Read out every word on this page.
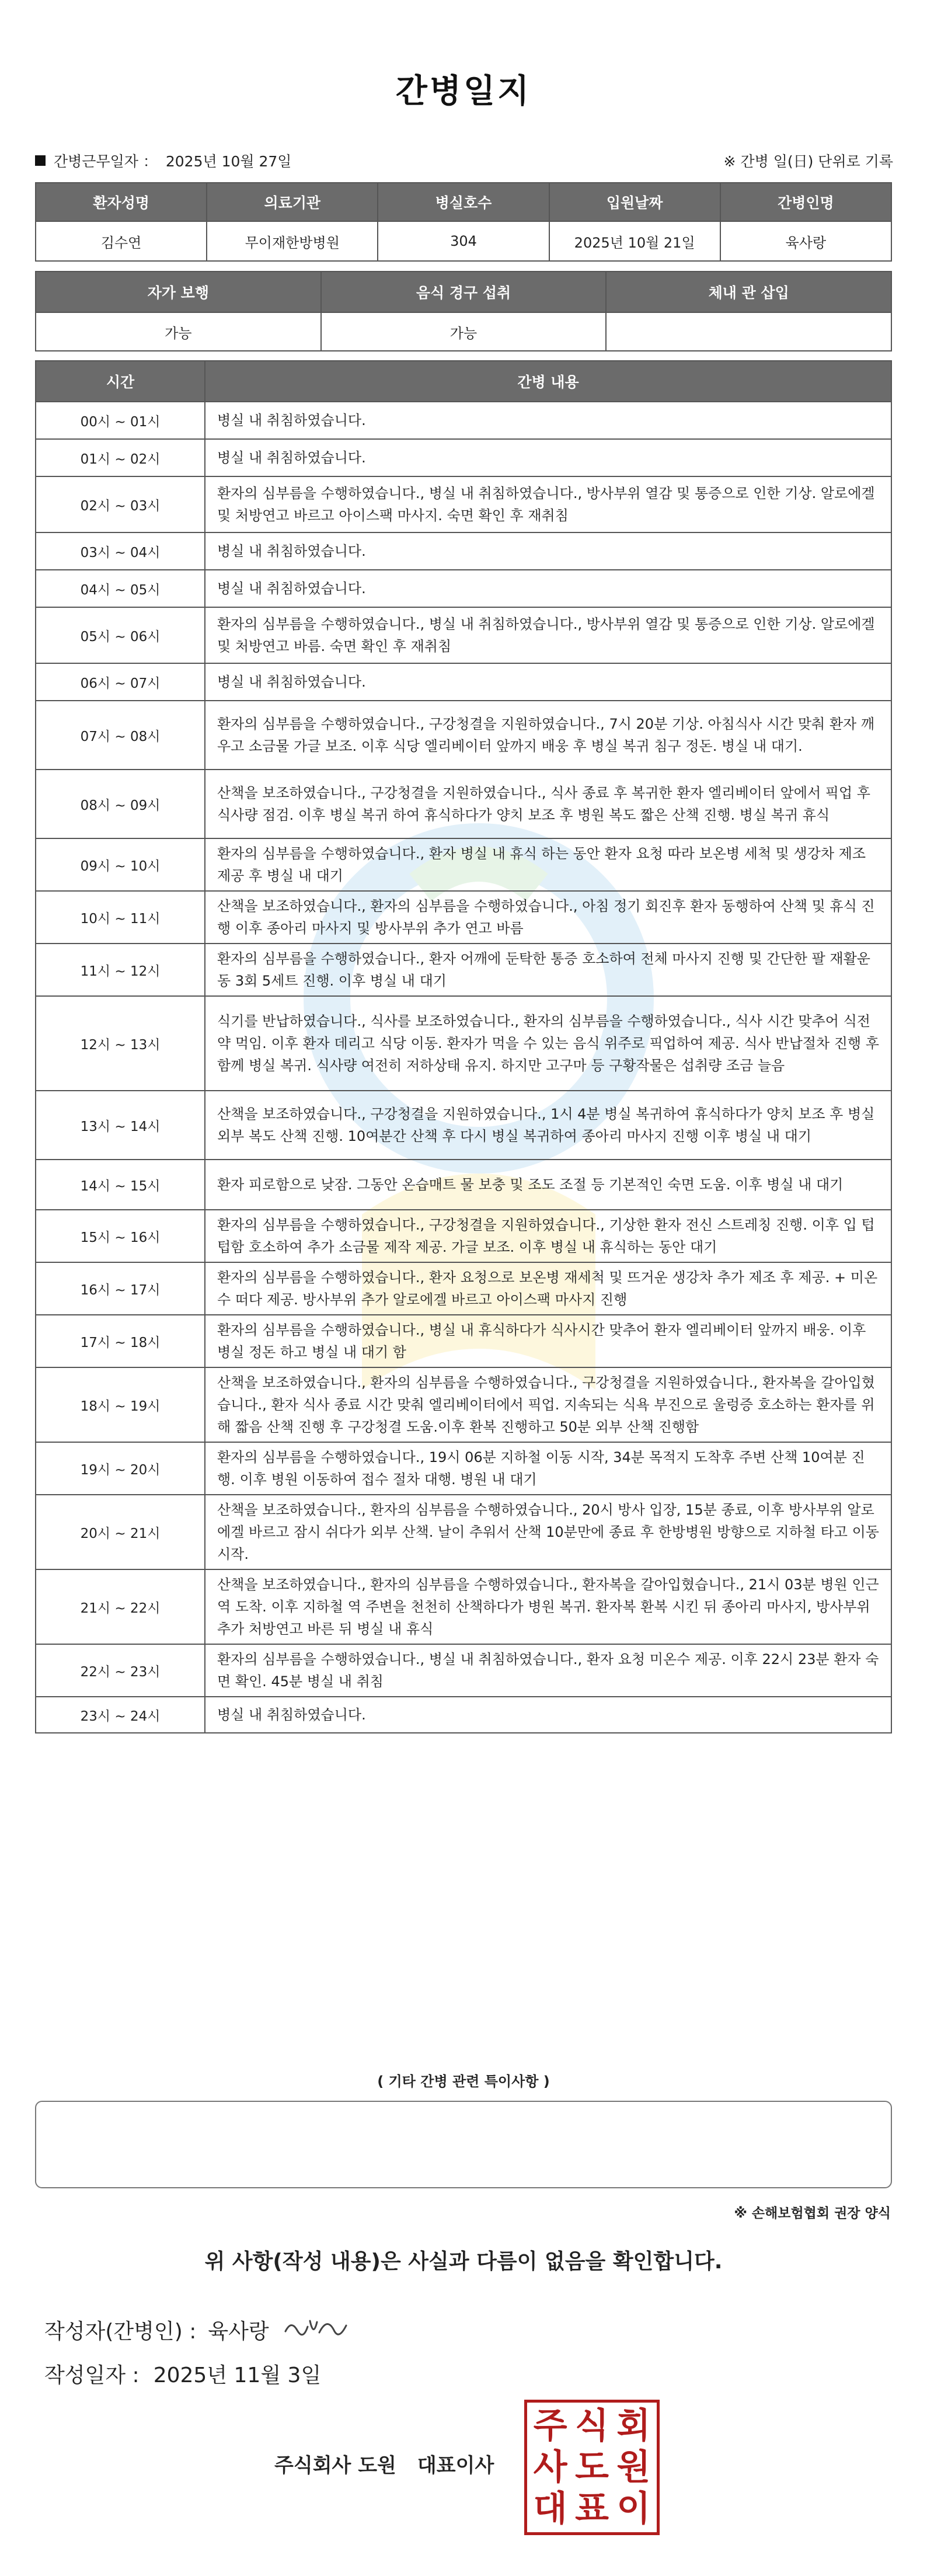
간병일지
간병근무일자 ： 2025년 10월 27일	※ 간병 일(日) 단위로 기록
환자성명	의료기관	병실호수	입원날짜	간병인명
김수연	무이재한방병원	304	2025년 10월 21일	육사랑
자가 보행	음식 경구 섭취	체내 관 삽입
가능	가능	
시간	간병 내용
00시 ~ 01시	병실 내 취침하였습니다.
01시 ~ 02시	병실 내 취침하였습니다.
02시 ~ 03시	환자의 심부름을 수행하였습니다., 병실 내 취침하였습니다., 방사부위 열감 및 통증으로 인한 기상. 알로에겔 및 처방연고 바르고 아이스팩 마사지. 숙면 확인 후 재취침
03시 ~ 04시	병실 내 취침하였습니다.
04시 ~ 05시	병실 내 취침하였습니다.
05시 ~ 06시	환자의 심부름을 수행하였습니다., 병실 내 취침하였습니다., 방사부위 열감 및 통증으로 인한 기상. 알로에겔 및 처방연고 바름. 숙면 확인 후 재취침
06시 ~ 07시	병실 내 취침하였습니다.
07시 ~ 08시	환자의 심부름을 수행하였습니다., 구강청결을 지원하였습니다., 7시 20분 기상. 아침식사 시간 맞춰 환자 깨우고 소금물 가글 보조. 이후 식당 엘리베이터 앞까지 배웅 후 병실 복귀 침구 정돈. 병실 내 대기.
08시 ~ 09시	산책을 보조하였습니다., 구강청결을 지원하였습니다., 식사 종료 후 복귀한 환자 엘리베이터 앞에서 픽업 후 식사량 점검. 이후 병실 복귀 하여 휴식하다가 양치 보조 후 병원 복도 짧은 산책 진행. 병실 복귀 휴식
09시 ~ 10시	환자의 심부름을 수행하였습니다., 환자 병실 내 휴식 하는 동안 환자 요청 따라 보온병 세척 및 생강차 제조 제공 후 병실 내 대기
10시 ~ 11시	산책을 보조하였습니다., 환자의 심부름을 수행하였습니다., 아침 정기 회진후 환자 동행하여 산책 및 휴식 진행 이후 종아리 마사지 및 방사부위 추가 연고 바름
11시 ~ 12시	환자의 심부름을 수행하였습니다., 환자 어깨에 둔탁한 통증 호소하여 전체 마사지 진행 및 간단한 팔 재활운동 3회 5세트 진행. 이후 병실 내 대기
12시 ~ 13시	식기를 반납하였습니다., 식사를 보조하였습니다., 환자의 심부름을 수행하였습니다., 식사 시간 맞추어 식전 약 먹임. 이후 환자 데리고 식당 이동. 환자가 먹을 수 있는 음식 위주로 픽업하여 제공. 식사 반납절차 진행 후 함께 병실 복귀. 식사량 여전히 저하상태 유지. 하지만 고구마 등 구황작물은 섭취량 조금 늘음
13시 ~ 14시	산책을 보조하였습니다., 구강청결을 지원하였습니다., 1시 4분 병실 복귀하여 휴식하다가 양치 보조 후 병실 외부 복도 산책 진행. 10여분간 산책 후 다시 병실 복귀하여 종아리 마사지 진행 이후 병실 내 대기
14시 ~ 15시	환자 피로함으로 낮잠. 그동안 온습매트 물 보충 및 조도 조절 등 기본적인 숙면 도움. 이후 병실 내 대기
15시 ~ 16시	환자의 심부름을 수행하였습니다., 구강청결을 지원하였습니다., 기상한 환자 전신 스트레칭 진행. 이후 입 텁텁함 호소하여 추가 소금물 제작 제공. 가글 보조. 이후 병실 내 휴식하는 동안 대기
16시 ~ 17시	환자의 심부름을 수행하였습니다., 환자 요청으로 보온병 재세척 및 뜨거운 생강차 추가 제조 후 제공. + 미온수 떠다 제공. 방사부위 추가 알로에겔 바르고 아이스팩 마사지 진행
17시 ~ 18시	환자의 심부름을 수행하였습니다., 병실 내 휴식하다가 식사시간 맞추어 환자 엘리베이터 앞까지 배웅. 이후 병실 정돈 하고 병실 내 대기 함
18시 ~ 19시	산책을 보조하였습니다., 환자의 심부름을 수행하였습니다., 구강청결을 지원하였습니다., 환자복을 갈아입혔습니다., 환자 식사 종료 시간 맞춰 엘리베이터에서 픽업. 지속되는 식욕 부진으로 울렁증 호소하는 환자를 위해 짧음 산책 진행 후 구강청결 도움.이후 환복 진행하고 50분 외부 산책 진행함
19시 ~ 20시	환자의 심부름을 수행하였습니다., 19시 06분 지하철 이동 시작, 34분 목적지 도착후 주변 산책 10여분 진행. 이후 병원 이동하여 접수 절차 대행. 병원 내 대기
20시 ~ 21시	산책을 보조하였습니다., 환자의 심부름을 수행하였습니다., 20시 방사 입장, 15분 종료, 이후 방사부위 알로에겔 바르고 잠시 쉬다가 외부 산책. 날이 추워서 산책 10분만에 종료 후 한방병원 방향으로 지하철 타고 이동 시작.
21시 ~ 22시	산책을 보조하였습니다., 환자의 심부름을 수행하였습니다., 환자복을 갈아입혔습니다., 21시 03분 병원 인근 역 도착. 이후 지하철 역 주변을 천천히 산책하다가 병원 복귀. 환자복 환복 시킨 뒤 종아리 마사지, 방사부위 추가 처방연고 바른 뒤 병실 내 휴식
22시 ~ 23시	환자의 심부름을 수행하였습니다., 병실 내 취침하였습니다., 환자 요청 미온수 제공. 이후 22시 23분 환자 숙면 확인. 45분 병실 내 취침
23시 ~ 24시	병실 내 취침하였습니다.
( 기타 간병 관련 특이사항 )
※ 손해보험협회 권장 양식
위 사항(작성 내용)은 사실과 다름이 없음을 확인합니다.
작성자(간병인) : 육사랑
작성일자 : 2025년 11월 3일
주식회사 도원 대표이사
주 식 회
사 도 원
대 표 이
